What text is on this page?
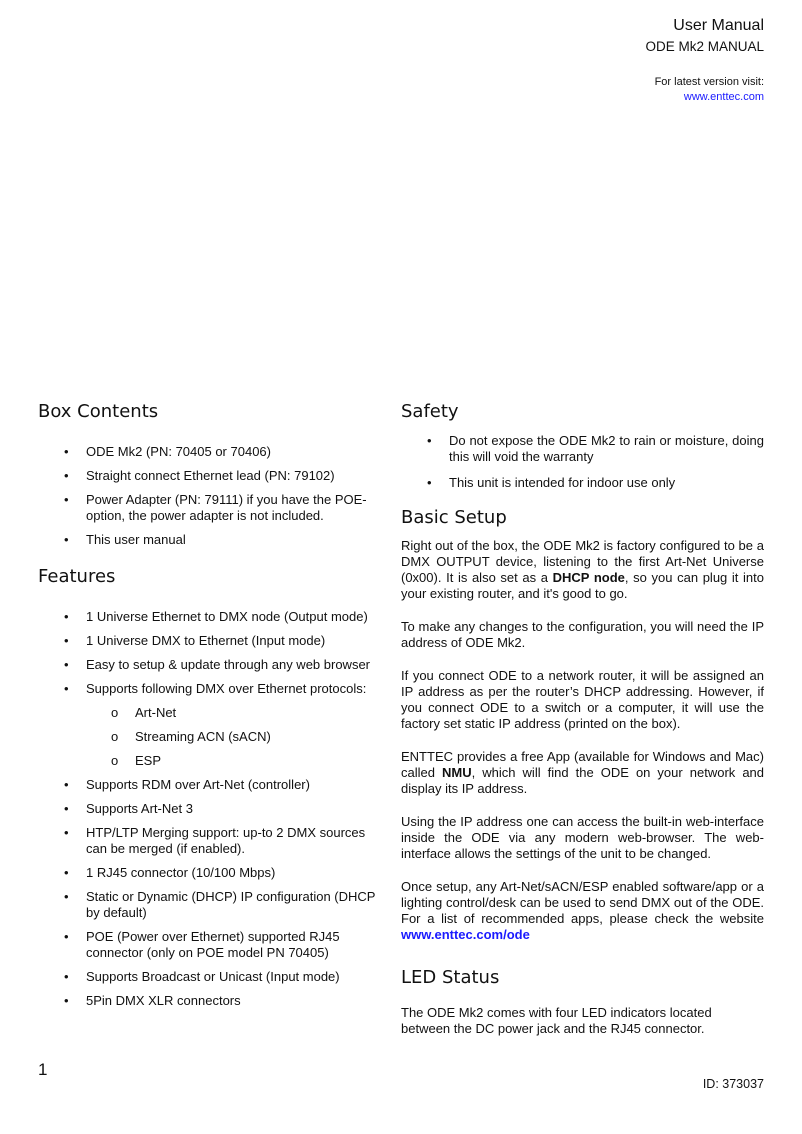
User Manual
ODE Mk2 MANUAL
For latest version visit:
www.enttec.com
Box Contents
• ODE Mk2 (PN: 70405 or 70406)
• Straight connect Ethernet lead (PN: 79102)
• Power Adapter (PN: 79111) if you have the POE-option, the power adapter is not included.
• This user manual
Features
• 1 Universe Ethernet to DMX node (Output mode)
• 1 Universe DMX to Ethernet (Input mode)
• Easy to setup & update through any web browser
• Supports following DMX over Ethernet protocols:
o Art-Net
o Streaming ACN (sACN)
o ESP
• Supports RDM over Art-Net (controller)
• Supports Art-Net 3
• HTP/LTP Merging support: up-to 2 DMX sources can be merged (if enabled).
• 1 RJ45 connector (10/100 Mbps)
• Static or Dynamic (DHCP) IP configuration (DHCP by default)
• POE (Power over Ethernet) supported RJ45 connector (only on POE model PN 70405)
• Supports Broadcast or Unicast (Input mode)
• 5Pin DMX XLR connectors
Safety
• Do not expose the ODE Mk2 to rain or moisture, doing this will void the warranty
• This unit is intended for indoor use only
Basic Setup
Right out of the box, the ODE Mk2 is factory configured to be a DMX OUTPUT device, listening to the first Art-Net Universe (0x00). It is also set as a DHCP node, so you can plug it into your existing router, and it's good to go.
To make any changes to the configuration, you will need the IP address of ODE Mk2.
If you connect ODE to a network router, it will be assigned an IP address as per the router’s DHCP addressing. However, if you connect ODE to a switch or a computer, it will use the factory set static IP address (printed on the box).
ENTTEC provides a free App (available for Windows and Mac) called NMU, which will find the ODE on your network and display its IP address.
Using the IP address one can access the built-in web-interface inside the ODE via any modern web-browser. The web-interface allows the settings of the unit to be changed.
Once setup, any Art-Net/sACN/ESP enabled software/app or a lighting control/desk can be used to send DMX out of the ODE. For a list of recommended apps, please check the website www.enttec.com/ode
LED Status
The ODE Mk2 comes with four LED indicators located between the DC power jack and the RJ45 connector.
1
ID: 373037
